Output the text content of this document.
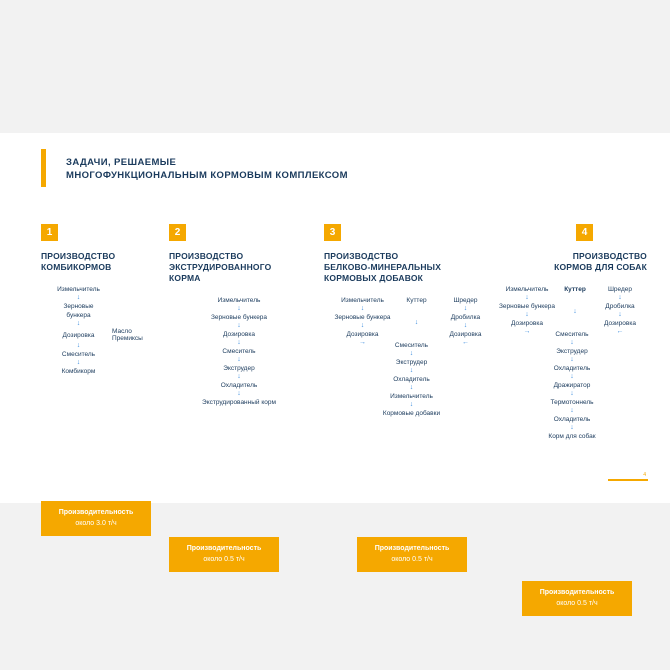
ЗАДАЧИ, РЕШАЕМЫЕ
МНОГОФУНКЦИОНАЛЬНЫМ КОРМОВЫМ КОМПЛЕКСОМ
1
ПРОИЗВОДСТВО
КОМБИКОРМОВ
Измельчитель
↓
Зерновые
бункера
↓
Дозировка	Масло
Премиксы
↓
Смеситель
↓
Комбикорм
Производительность
около 3.0 т/ч
2
ПРОИЗВОДСТВО
ЭКСТРУДИРОВАННОГО
КОРМА
Измельчитель
↓
Зерновые бункера
↓
Дозировка
↓
Смеситель
↓
Экструдер
↓
Охладитель
↓
Экструдированный корм
Производительность
около 0.5 т/ч
3
ПРОИЗВОДСТВО
БЕЛКОВО-МИНЕРАЛЬНЫХ
КОРМОВЫХ ДОБАВОК
Измельчитель
↓
Зерновые бункера
↓
Дозировка
→
Куттер
↓
Шредер
↓
Дробилка
↓
Дозировка
←
Смеситель
↓
Экструдер
↓
Охладитель
↓
Измельчитель
↓
Кормовые добавки
Производительность
около 0.5 т/ч
4
ПРОИЗВОДСТВО
КОРМОВ ДЛЯ СОБАК
Измельчитель
↓
Зерновые бункера
↓
Дозировка
→
Куттер
↓
Шредер
↓
Дробилка
↓
Дозировка
←
Смеситель
↓
Экструдер
↓
Охладитель
↓
Дражиратор
↓
Термотоннель
↓
Охладитель
↓
Корм для собак
Производительность
около 0.5 т/ч
4
